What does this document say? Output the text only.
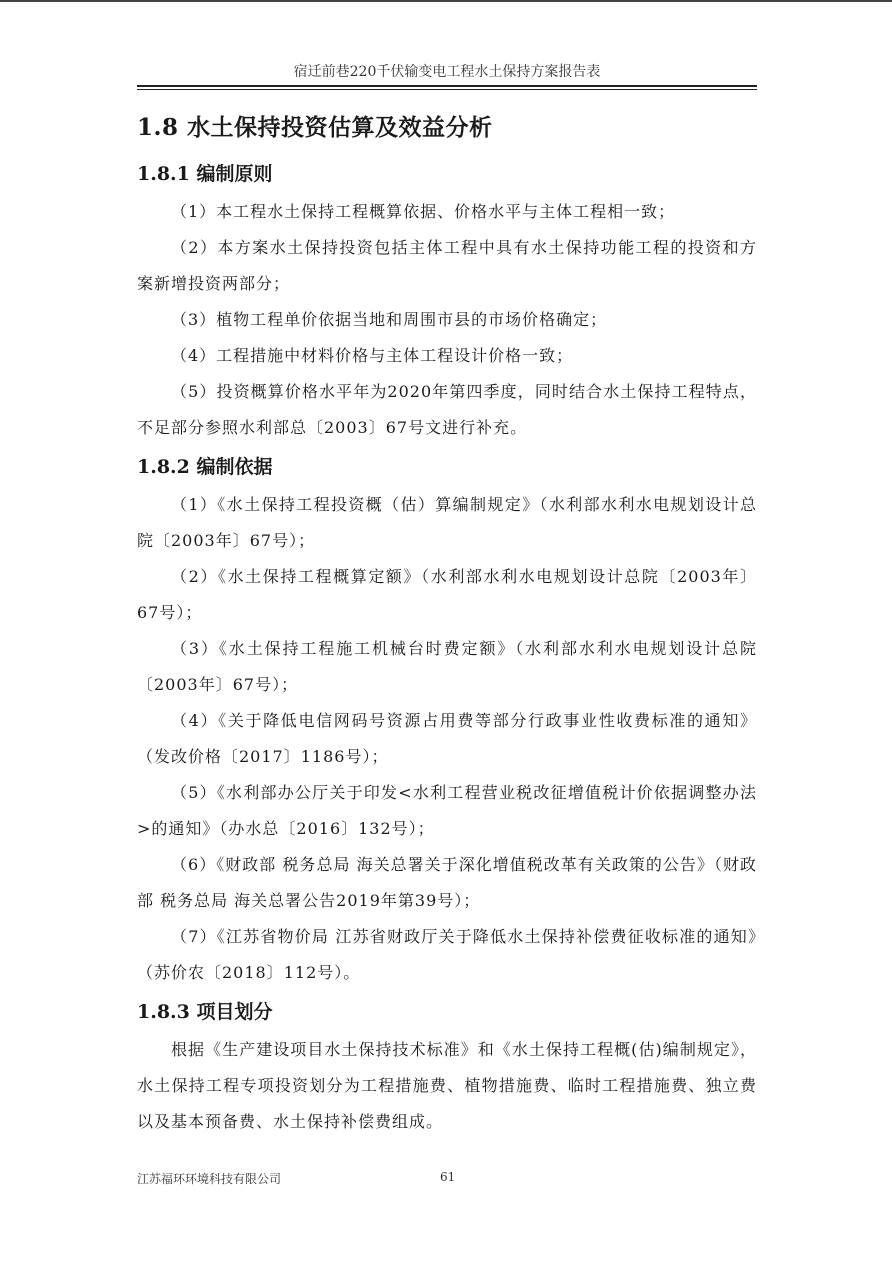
宿迁前巷220千伏输变电工程水土保持方案报告表
1.8 水土保持投资估算及效益分析
1.8.1 编制原则

（1）本工程水土保持工程概算依据、价格水平与主体工程相一致；

（2）本方案水土保持投资包括主体工程中具有水土保持功能工程的投资和方案新增投资两部分；

（3）植物工程单价依据当地和周围市县的市场价格确定；

（4）工程措施中材料价格与主体工程设计价格一致；

（5）投资概算价格水平年为2020年第四季度，同时结合水土保持工程特点，不足部分参照水利部总〔2003〕67号文进行补充。

1.8.2 编制依据

（1）《水土保持工程投资概（估）算编制规定》（水利部水利水电规划设计总院〔2003年〕67号）；

（2）《水土保持工程概算定额》（水利部水利水电规划设计总院〔2003年〕67号）；

（3）《水土保持工程施工机械台时费定额》（水利部水利水电规划设计总院〔2003年〕67号）；

（4）《关于降低电信网码号资源占用费等部分行政事业性收费标准的通知》（发改价格〔2017〕1186号）；

（5）《水利部办公厅关于印发<水利工程营业税改征增值税计价依据调整办法>的通知》（办水总〔2016〕132号）；

（6）《财政部 税务总局 海关总署关于深化增值税改革有关政策的公告》（财政部 税务总局 海关总署公告2019年第39号）；

（7）《江苏省物价局 江苏省财政厅关于降低水土保持补偿费征收标准的通知》（苏价农〔2018〕112号）。

1.8.3 项目划分

根据《生产建设项目水土保持技术标准》和《水土保持工程概(估)编制规定》，水土保持工程专项投资划分为工程措施费、植物措施费、临时工程措施费、独立费以及基本预备费、水土保持补偿费组成。

江苏福环环境科技有限公司	61
